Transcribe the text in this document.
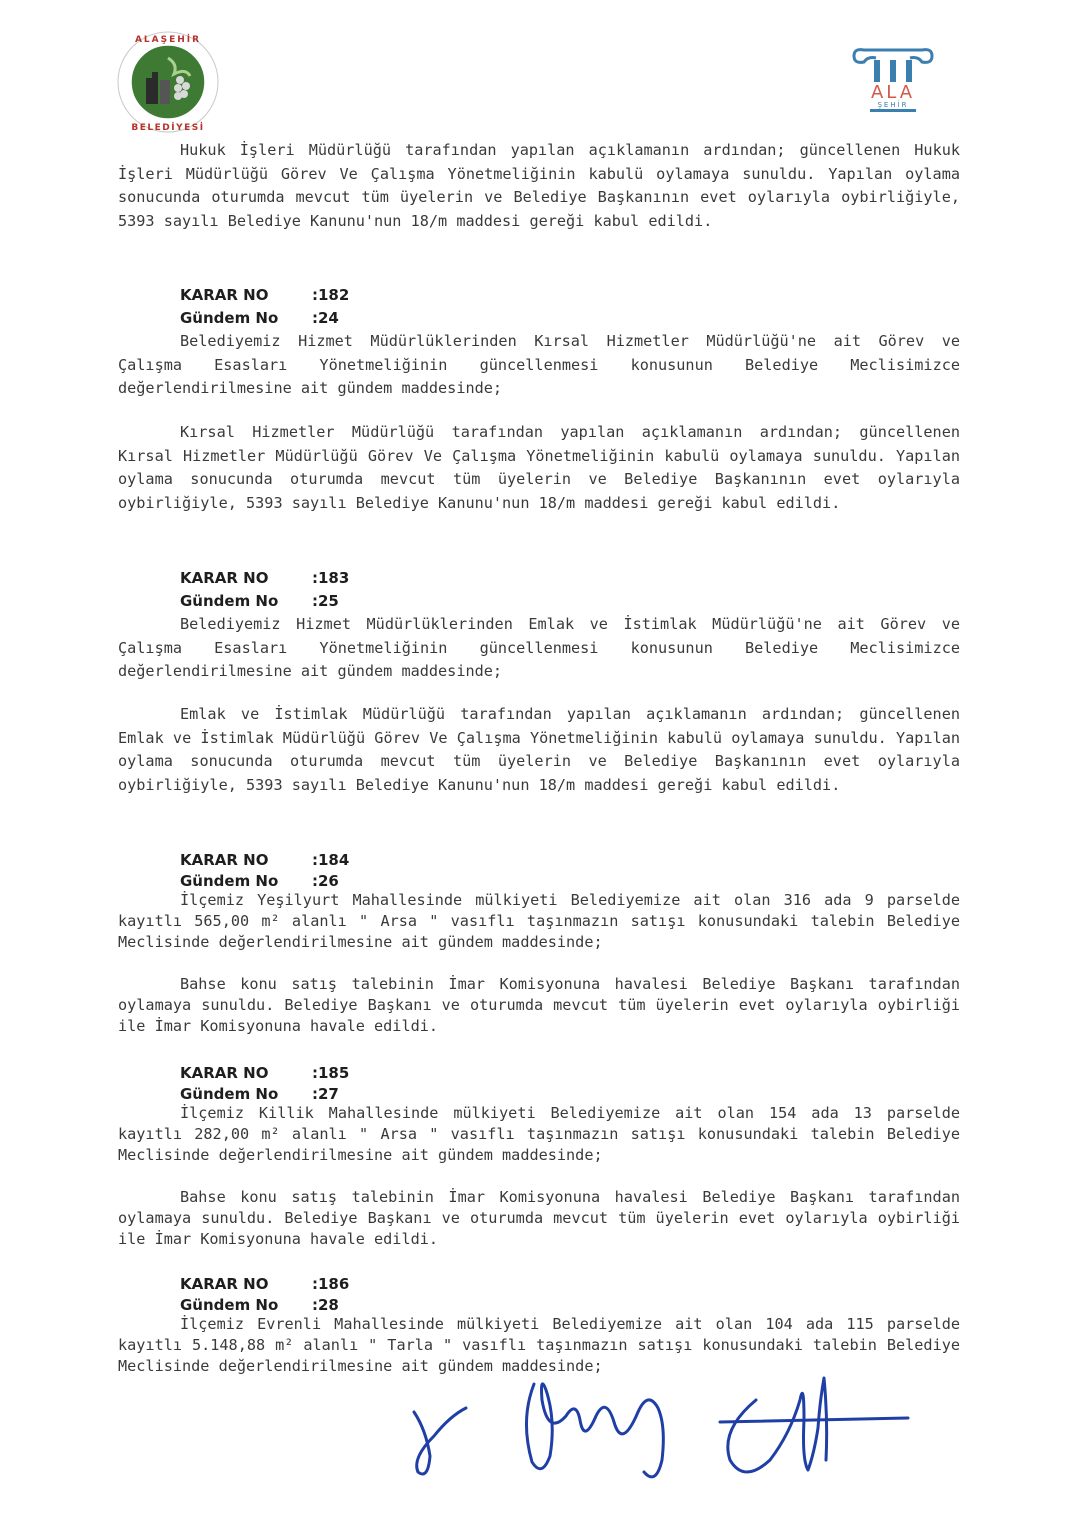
ALAŞEHİR
BELEDİYESİ
ALA
ŞEHİR

Hukuk İşleri Müdürlüğü tarafından yapılan açıklamanın ardından; güncellenen Hukuk İşleri Müdürlüğü Görev Ve Çalışma Yönetmeliğinin kabulü oylamaya sunuldu. Yapılan oylama sonucunda oturumda mevcut tüm üyelerin ve Belediye Başkanının evet oylarıyla oybirliğiyle, 5393 sayılı Belediye Kanunu'nun 18/m maddesi gereği kabul edildi.

KARAR NO	:182
Gündem No	:24

Belediyemiz Hizmet Müdürlüklerinden Kırsal Hizmetler Müdürlüğü'ne ait Görev ve Çalışma Esasları Yönetmeliğinin güncellenmesi konusunun Belediye Meclisimizce değerlendirilmesine ait gündem maddesinde;

Kırsal Hizmetler Müdürlüğü tarafından yapılan açıklamanın ardından; güncellenen Kırsal Hizmetler Müdürlüğü Görev Ve Çalışma Yönetmeliğinin kabulü oylamaya sunuldu. Yapılan oylama sonucunda oturumda mevcut tüm üyelerin ve Belediye Başkanının evet oylarıyla oybirliğiyle, 5393 sayılı Belediye Kanunu'nun 18/m maddesi gereği kabul edildi.

KARAR NO	:183
Gündem No	:25

Belediyemiz Hizmet Müdürlüklerinden Emlak ve İstimlak Müdürlüğü'ne ait Görev ve Çalışma Esasları Yönetmeliğinin güncellenmesi konusunun Belediye Meclisimizce değerlendirilmesine ait gündem maddesinde;

Emlak ve İstimlak Müdürlüğü tarafından yapılan açıklamanın ardından; güncellenen Emlak ve İstimlak Müdürlüğü Görev Ve Çalışma Yönetmeliğinin kabulü oylamaya sunuldu. Yapılan oylama sonucunda oturumda mevcut tüm üyelerin ve Belediye Başkanının evet oylarıyla oybirliğiyle, 5393 sayılı Belediye Kanunu'nun 18/m maddesi gereği kabul edildi.

KARAR NO	:184
Gündem No	:26

İlçemiz Yeşilyurt Mahallesinde mülkiyeti Belediyemize ait olan 316 ada 9 parselde kayıtlı 565,00 m² alanlı " Arsa " vasıflı taşınmazın satışı konusundaki talebin Belediye Meclisinde değerlendirilmesine ait gündem maddesinde;

Bahse konu satış talebinin İmar Komisyonuna havalesi Belediye Başkanı tarafından oylamaya sunuldu. Belediye Başkanı ve oturumda mevcut tüm üyelerin evet oylarıyla oybirliği ile İmar Komisyonuna havale edildi.

KARAR NO	:185
Gündem No	:27

İlçemiz Killik Mahallesinde mülkiyeti Belediyemize ait olan 154 ada 13 parselde kayıtlı 282,00 m² alanlı " Arsa " vasıflı taşınmazın satışı konusundaki talebin Belediye Meclisinde değerlendirilmesine ait gündem maddesinde;

Bahse konu satış talebinin İmar Komisyonuna havalesi Belediye Başkanı tarafından oylamaya sunuldu. Belediye Başkanı ve oturumda mevcut tüm üyelerin evet oylarıyla oybirliği ile İmar Komisyonuna havale edildi.

KARAR NO	:186
Gündem No	:28

İlçemiz Evrenli Mahallesinde mülkiyeti Belediyemize ait olan 104 ada 115 parselde kayıtlı 5.148,88 m² alanlı " Tarla " vasıflı taşınmazın satışı konusundaki talebin Belediye Meclisinde değerlendirilmesine ait gündem maddesinde;
